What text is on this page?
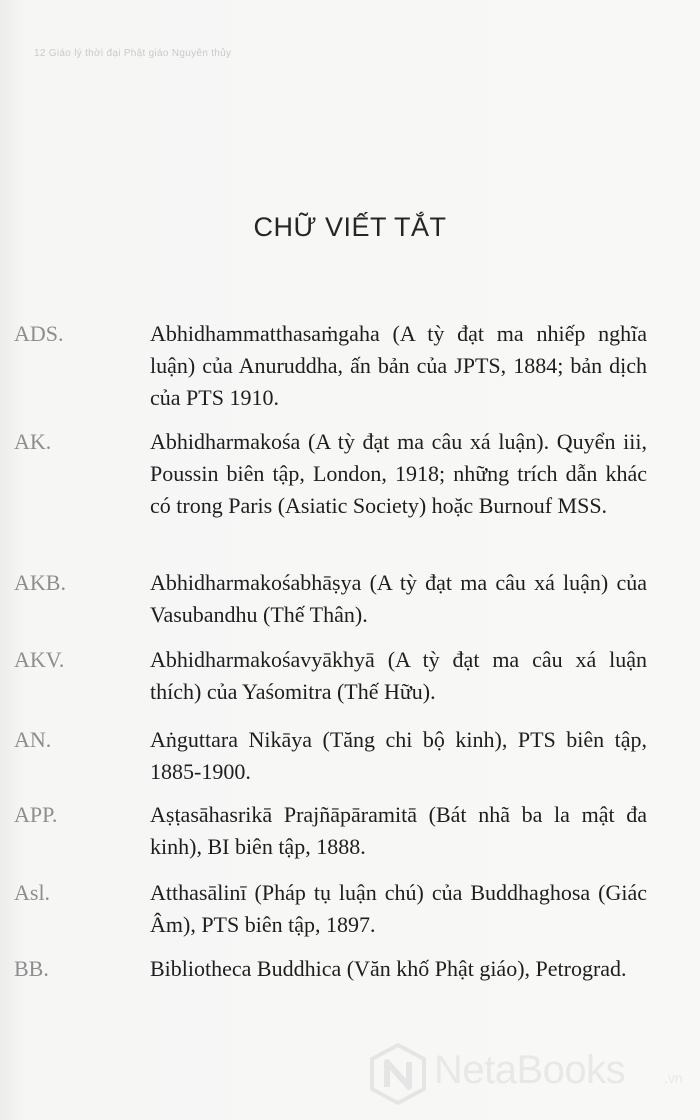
12 Giáo lý thời đại Phật giáo Nguyên thủy
CHỮ VIẾT TẮT
ADS.	Abhidhammatthasaṁgaha (A tỳ đạt ma nhiếp nghĩa luận) của Anuruddha, ấn bản của JPTS, 1884; bản dịch của PTS 1910.
AK.	Abhidharmakośa (A tỳ đạt ma câu xá luận). Quyển iii, Poussin biên tập, London, 1918; những trích dẫn khác có trong Paris (Asiatic Society) hoặc Burnouf MSS.
AKB.	Abhidharmakośabhāṣya (A tỳ đạt ma câu xá luận) của Vasubandhu (Thế Thân).
AKV.	Abhidharmakośavyākhyā (A tỳ đạt ma câu xá luận thích) của Yaśomitra (Thế Hữu).
AN.	Aṅguttara Nikāya (Tăng chi bộ kinh), PTS biên tập, 1885-1900.
APP.	Aṣṭasāhasrikā Prajñāpāramitā (Bát nhã ba la mật đa kinh), BI biên tập, 1888.
Asl.	Atthasālinī (Pháp tụ luận chú) của Buddhaghosa (Giác Âm), PTS biên tập, 1897.
BB.	Bibliotheca Buddhica (Văn khố Phật giáo), Petrograd.
NetaBooks	.vn
